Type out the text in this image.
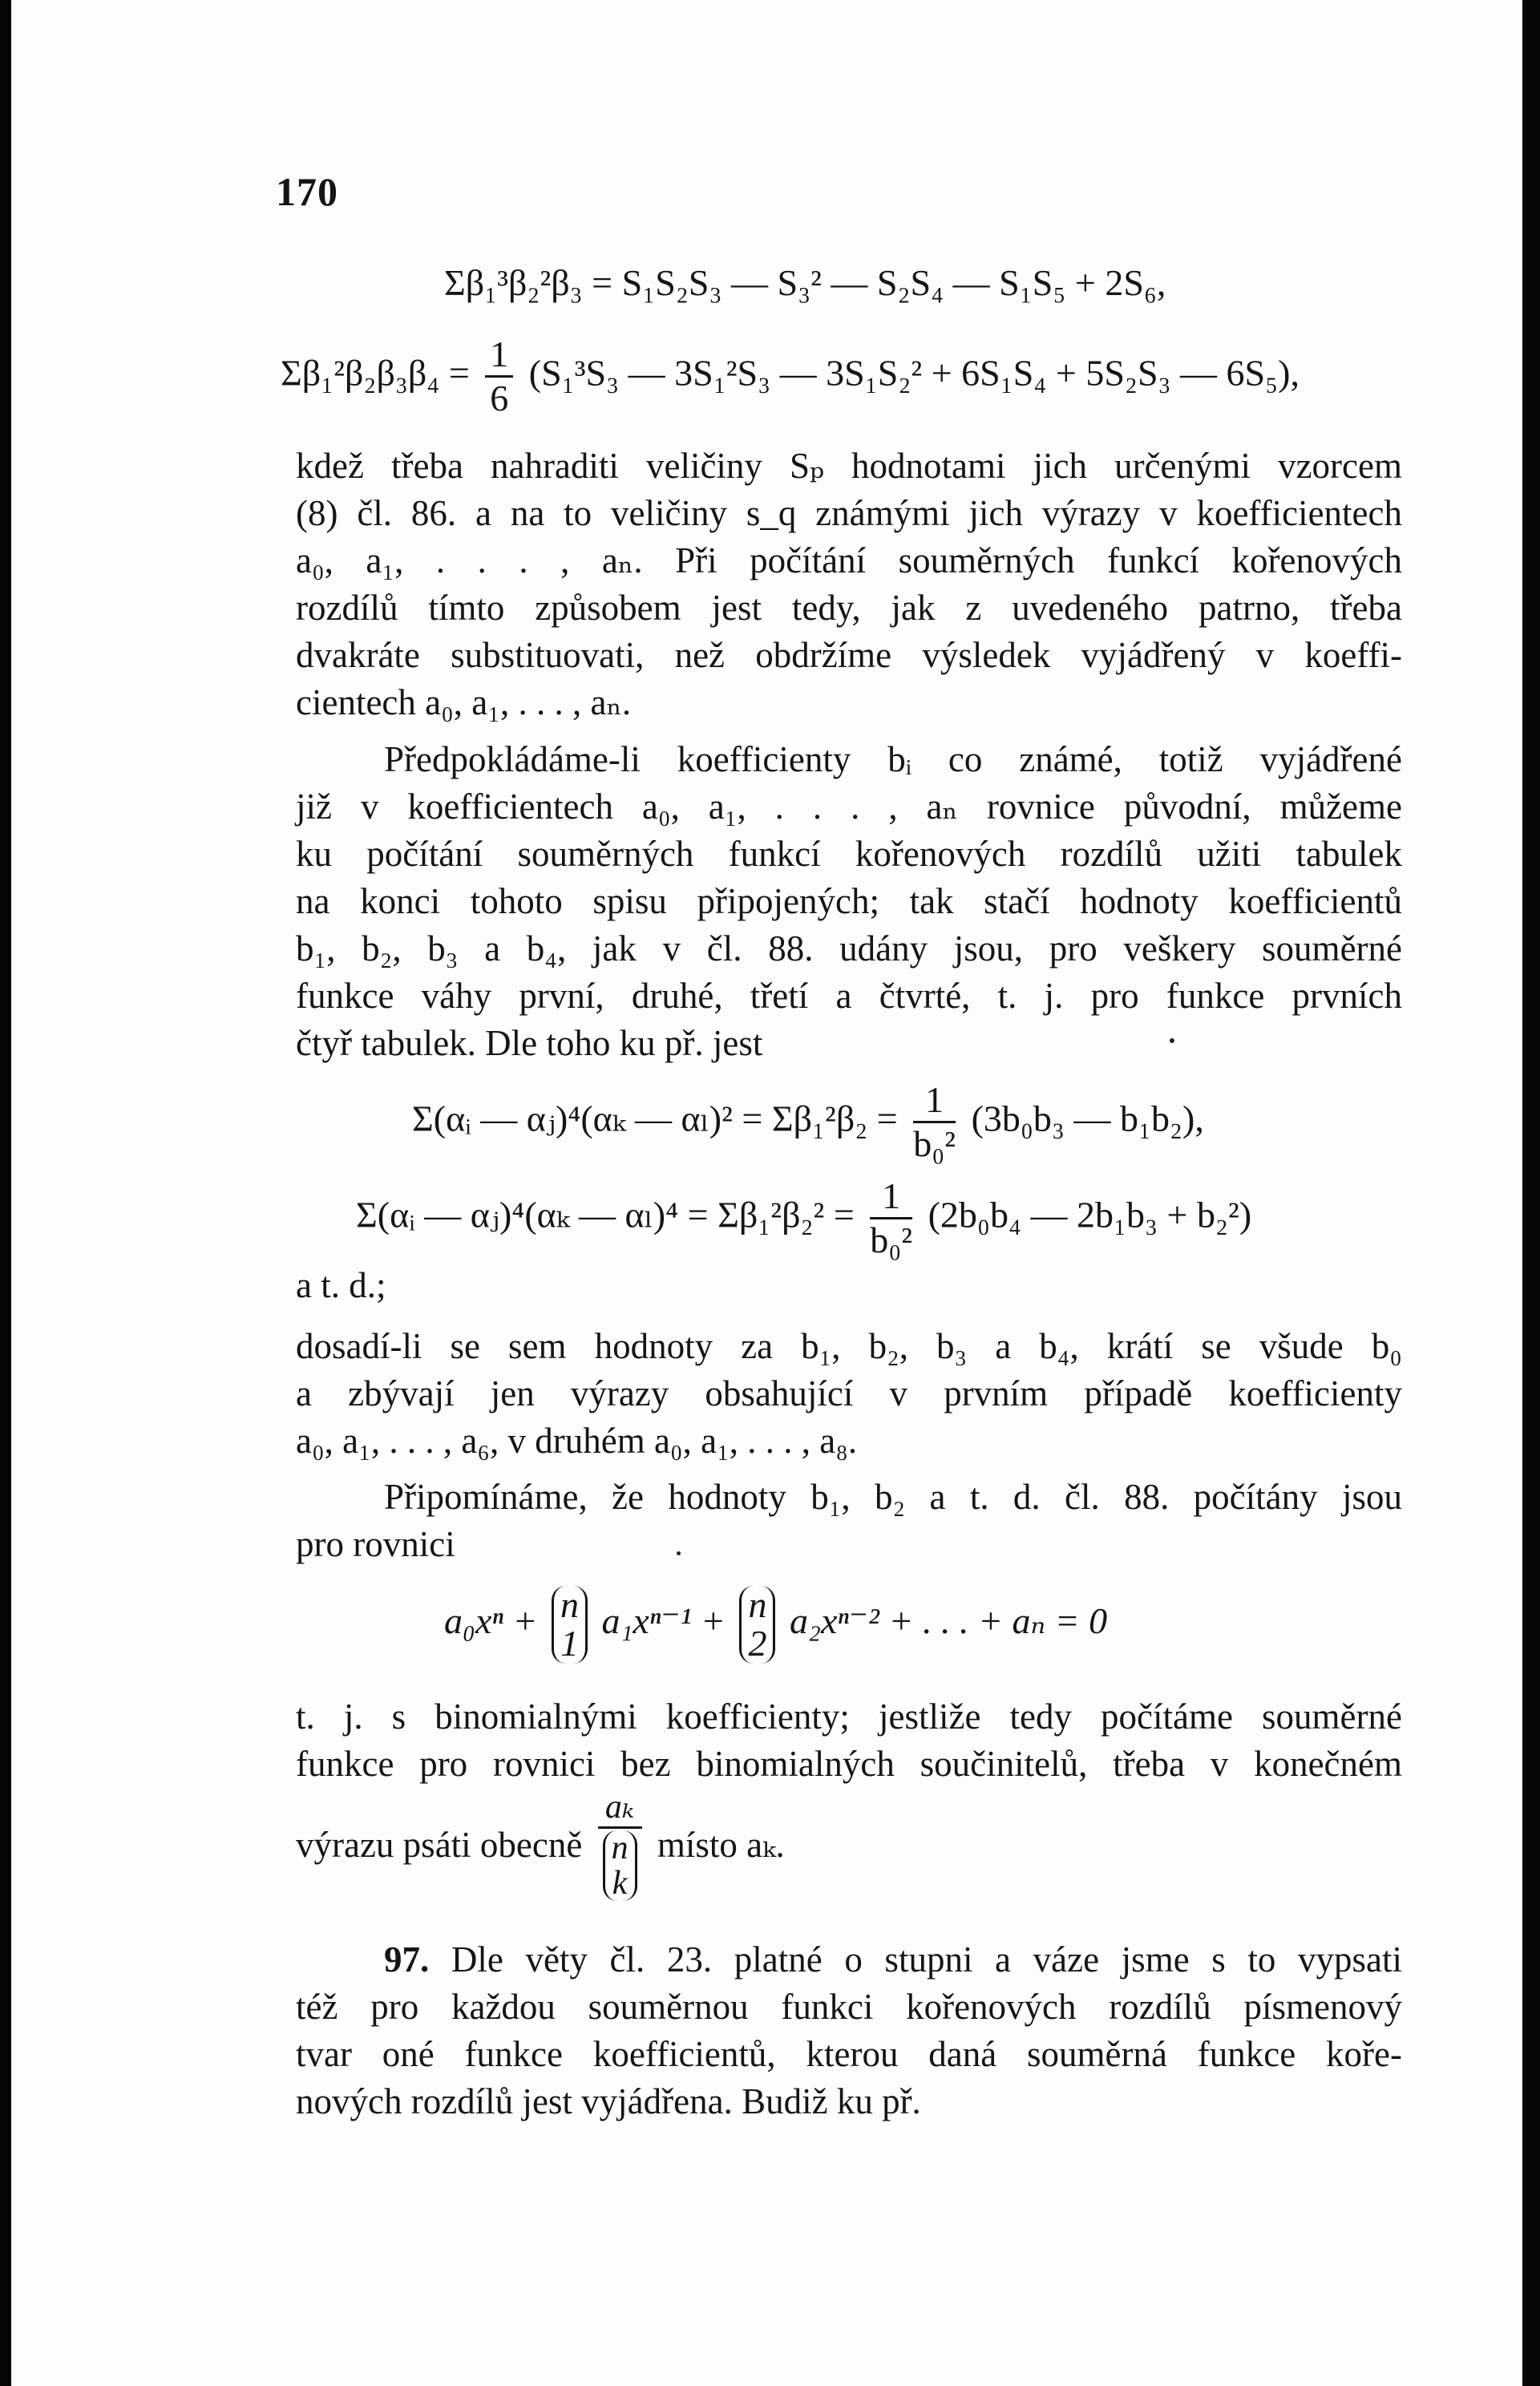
170
Σβ₁³β₂²β₃ = S₁S₂S₃ — S₃² — S₂S₄ — S₁S₅ + 2S₆,
$\Sigma\beta_1^2\beta_2\beta_3\beta_4 = \frac{1}{6} (S_1^3S_3$ — 3S₁²S₃ — 3S₁S₂² + 6S₁S₄ + 5S₂S₃ — 6S₅),
kdež třeba nahraditi veličiny Sₚ hodnotami jich určenými vzorcem
(8) čl. 86. a na to veličiny s_q známými jich výrazy v koefficientech
a₀, a₁, . . . , aₙ. Při počítání souměrných funkcí kořenových
rozdílů tímto způsobem jest tedy, jak z uvedeného patrno, třeba
dvakráte substituovati, než obdržíme výsledek vyjádřený v koeffi-
cientech a₀, a₁, . . . , aₙ.
Předpokládáme-li koefficienty bᵢ co známé, totiž vyjádřené
již v koefficientech a₀, a₁, . . . , aₙ rovnice původní, můžeme
ku počítání souměrných funkcí kořenových rozdílů užiti tabulek
na konci tohoto spisu připojených; tak stačí hodnoty koefficientů
b₁, b₂, b₃ a b₄, jak v čl. 88. udány jsou, pro veškery souměrné
funkce váhy první, druhé, třetí a čtvrté, t. j. pro funkce prvních
čtyř tabulek. Dle toho ku př. jest
Σ(αᵢ — αⱼ)⁴(αₖ — $\alpha_l)^2 = \Sigma\beta_1^2\beta_2 = \frac{1}{\text{b₀²}} (3b_0b_3$ — b₁b₂),
Σ(αᵢ — αⱼ)⁴(αₖ — $\alpha_l)^4 = \Sigma\beta_1^2\beta_2^2 = \frac{1}{\text{b₀²}} (2b_0b_4$ — 2b₁b₃ + b₂²)
a t. d.;
dosadí-li se sem hodnoty za b₁, b₂, b₃ a b₄, krátí se všude b₀
a zbývají jen výrazy obsahující v prvním případě koefficienty
a₀, a₁, . . . , a₆, v druhém a₀, a₁, . . . , a₈.
Připomínáme, že hodnoty b₁, b₂ a t. d. čl. 88. počítány jsou
pro rovnici
a₀xⁿ + n
1
a₁xⁿ⁻¹ + n
2
a₂xⁿ⁻² + . . . + aₙ = 0
t. j. s binomialnými koefficienty; jestliže tedy počítáme souměrné
funkce pro rovnici bez binomialných součinitelů, třeba v konečném
výrazu psáti obecně aₖ
n
k místo aₖ.
97. Dle věty čl. 23. platné o stupni a váze jsme s to vypsati
též pro každou souměrnou funkci kořenových rozdílů písmenový
tvar oné funkce koefficientů, kterou daná souměrná funkce koře-
nových rozdílů jest vyjádřena. Budiž ku př.
